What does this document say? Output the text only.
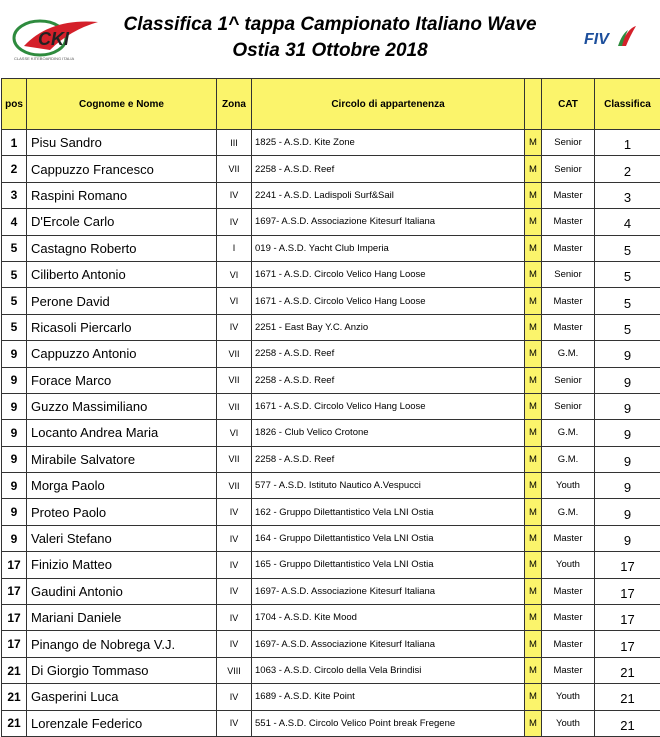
CKI
CLASSE KITEBOARDING ITALIA
Classifica 1^ tappa Campionato Italiano Wave
Ostia 31 Ottobre 2018
FIV
pos	Cognome e Nome	Zona	Circolo di appartenenza		CAT	Classifica
1	Pisu Sandro	III	1825 - A.S.D. Kite Zone	M	Senior	1
2	Cappuzzo Francesco	VII	2258 - A.S.D. Reef	M	Senior	2
3	Raspini Romano	IV	2241 - A.S.D. Ladispoli Surf&Sail	M	Master	3
4	D'Ercole Carlo	IV	1697- A.S.D. Associazione Kitesurf Italiana	M	Master	4
5	Castagno Roberto	I	019 - A.S.D. Yacht Club Imperia	M	Master	5
5	Ciliberto Antonio	VI	1671 - A.S.D. Circolo Velico Hang Loose	M	Senior	5
5	Perone David	VI	1671 - A.S.D. Circolo Velico Hang Loose	M	Master	5
5	Ricasoli Piercarlo	IV	2251 - East Bay Y.C. Anzio	M	Master	5
9	Cappuzzo Antonio	VII	2258 - A.S.D. Reef	M	G.M.	9
9	Forace Marco	VII	2258 - A.S.D. Reef	M	Senior	9
9	Guzzo Massimiliano	VII	1671 - A.S.D. Circolo Velico Hang Loose	M	Senior	9
9	Locanto Andrea Maria	VI	1826 - Club Velico Crotone	M	G.M.	9
9	Mirabile Salvatore	VII	2258 - A.S.D. Reef	M	G.M.	9
9	Morga Paolo	VII	577 - A.S.D. Istituto Nautico A.Vespucci	M	Youth	9
9	Proteo Paolo	IV	162 - Gruppo Dilettantistico Vela LNI Ostia	M	G.M.	9
9	Valeri Stefano	IV	164 - Gruppo Dilettantistico Vela LNI Ostia	M	Master	9
17	Finizio Matteo	IV	165 - Gruppo Dilettantistico Vela LNI Ostia	M	Youth	17
17	Gaudini Antonio	IV	1697- A.S.D. Associazione Kitesurf Italiana	M	Master	17
17	Mariani Daniele	IV	1704 - A.S.D. Kite Mood	M	Master	17
17	Pinango de Nobrega V.J.	IV	1697- A.S.D. Associazione Kitesurf Italiana	M	Master	17
21	Di Giorgio Tommaso	VIII	1063 - A.S.D. Circolo della Vela Brindisi	M	Master	21
21	Gasperini Luca	IV	1689 - A.S.D. Kite Point	M	Youth	21
21	Lorenzale Federico	IV	551 - A.S.D. Circolo Velico Point break Fregene	M	Youth	21
